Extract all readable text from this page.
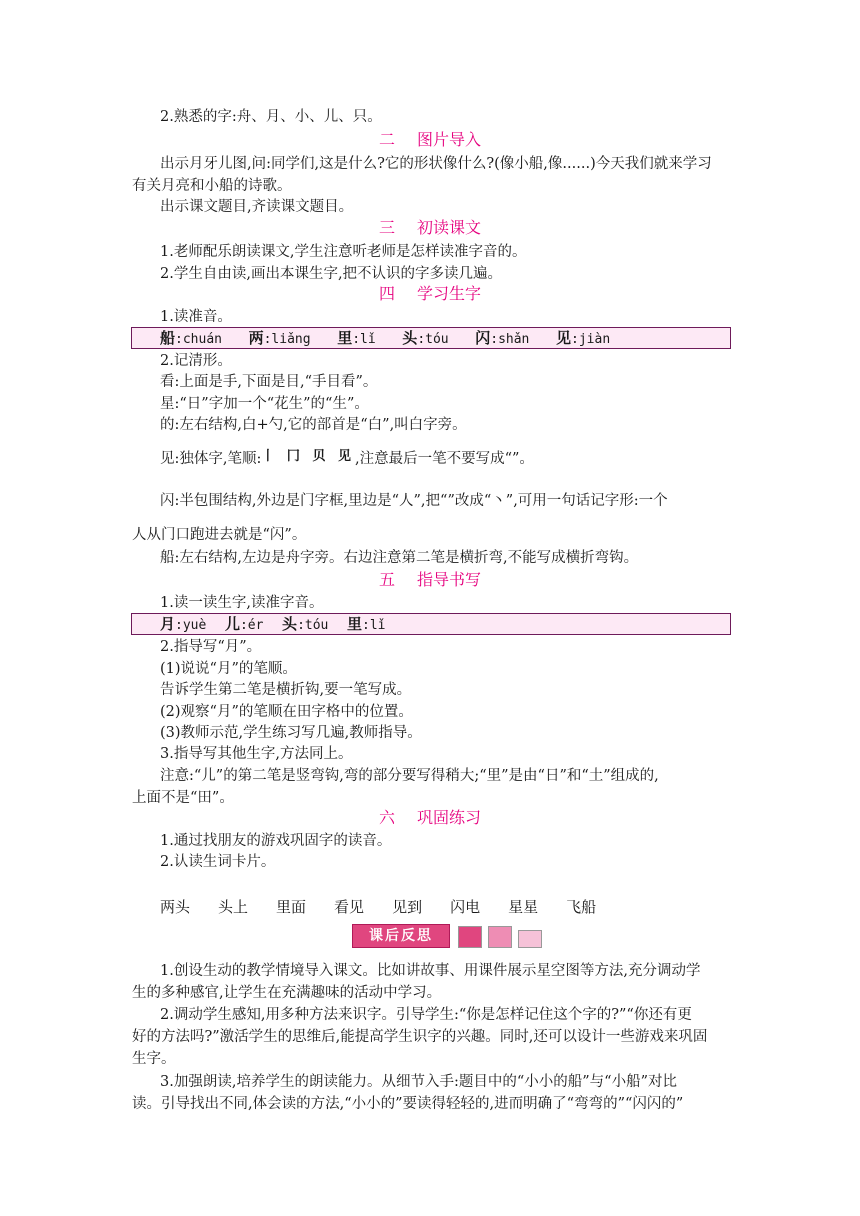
2.熟悉的字:舟、月、小、儿、只。
二 图片导入
出示月牙儿图,问:同学们,这是什么?它的形状像什么?(像小船,像......)今天我们就来学习
有关月亮和小船的诗歌。
出示课文题目,齐读课文题目。
三 初读课文
1.老师配乐朗读课文,学生注意听老师是怎样读准字音的。
2.学生自由读,画出本课生字,把不认识的字多读几遍。
四 学习生字
1.读准音。
船:chuán 两:liǎng 里:lǐ 头:tóu 闪:shǎn 见:jiàn
2.记清形。
看:上面是手,下面是目,“手目看”。
星:“日”字加一个“花生”的“生”。
的:左右结构,白+勺,它的部首是“白”,叫白字旁。
见:独体字,笔顺:丨 冂 贝 见,注意最后一笔不要写成“”。
闪:半包围结构,外边是门字框,里边是“人”,把“”改成“丶”,可用一句话记字形:一个
人从门口跑进去就是“闪”。
船:左右结构,左边是舟字旁。右边注意第二笔是横折弯,不能写成横折弯钩。
五 指导书写
1.读一读生字,读准字音。
月:yuè 儿:ér 头:tóu 里:lǐ
2.指导写“月”。
(1)说说“月”的笔顺。
告诉学生第二笔是横折钩,要一笔写成。
(2)观察“月”的笔顺在田字格中的位置。
(3)教师示范,学生练习写几遍,教师指导。
3.指导写其他生字,方法同上。
注意:“儿”的第二笔是竖弯钩,弯的部分要写得稍大;“里”是由“日”和“土”组成的,
上面不是“田”。
六 巩固练习
1.通过找朋友的游戏巩固字的读音。
2.认读生词卡片。
两头 头上 里面 看见 见到 闪电 星星 飞船
课后反思
1.创设生动的教学情境导入课文。比如讲故事、用课件展示星空图等方法,充分调动学
生的多种感官,让学生在充满趣味的活动中学习。
2.调动学生感知,用多种方法来识字。引导学生:“你是怎样记住这个字的?”“你还有更
好的方法吗?”激活学生的思维后,能提高学生识字的兴趣。同时,还可以设计一些游戏来巩固
生字。
3.加强朗读,培养学生的朗读能力。从细节入手:题目中的“小小的船”与“小船”对比
读。引导找出不同,体会读的方法,“小小的”要读得轻轻的,进而明确了“弯弯的”“闪闪的”
